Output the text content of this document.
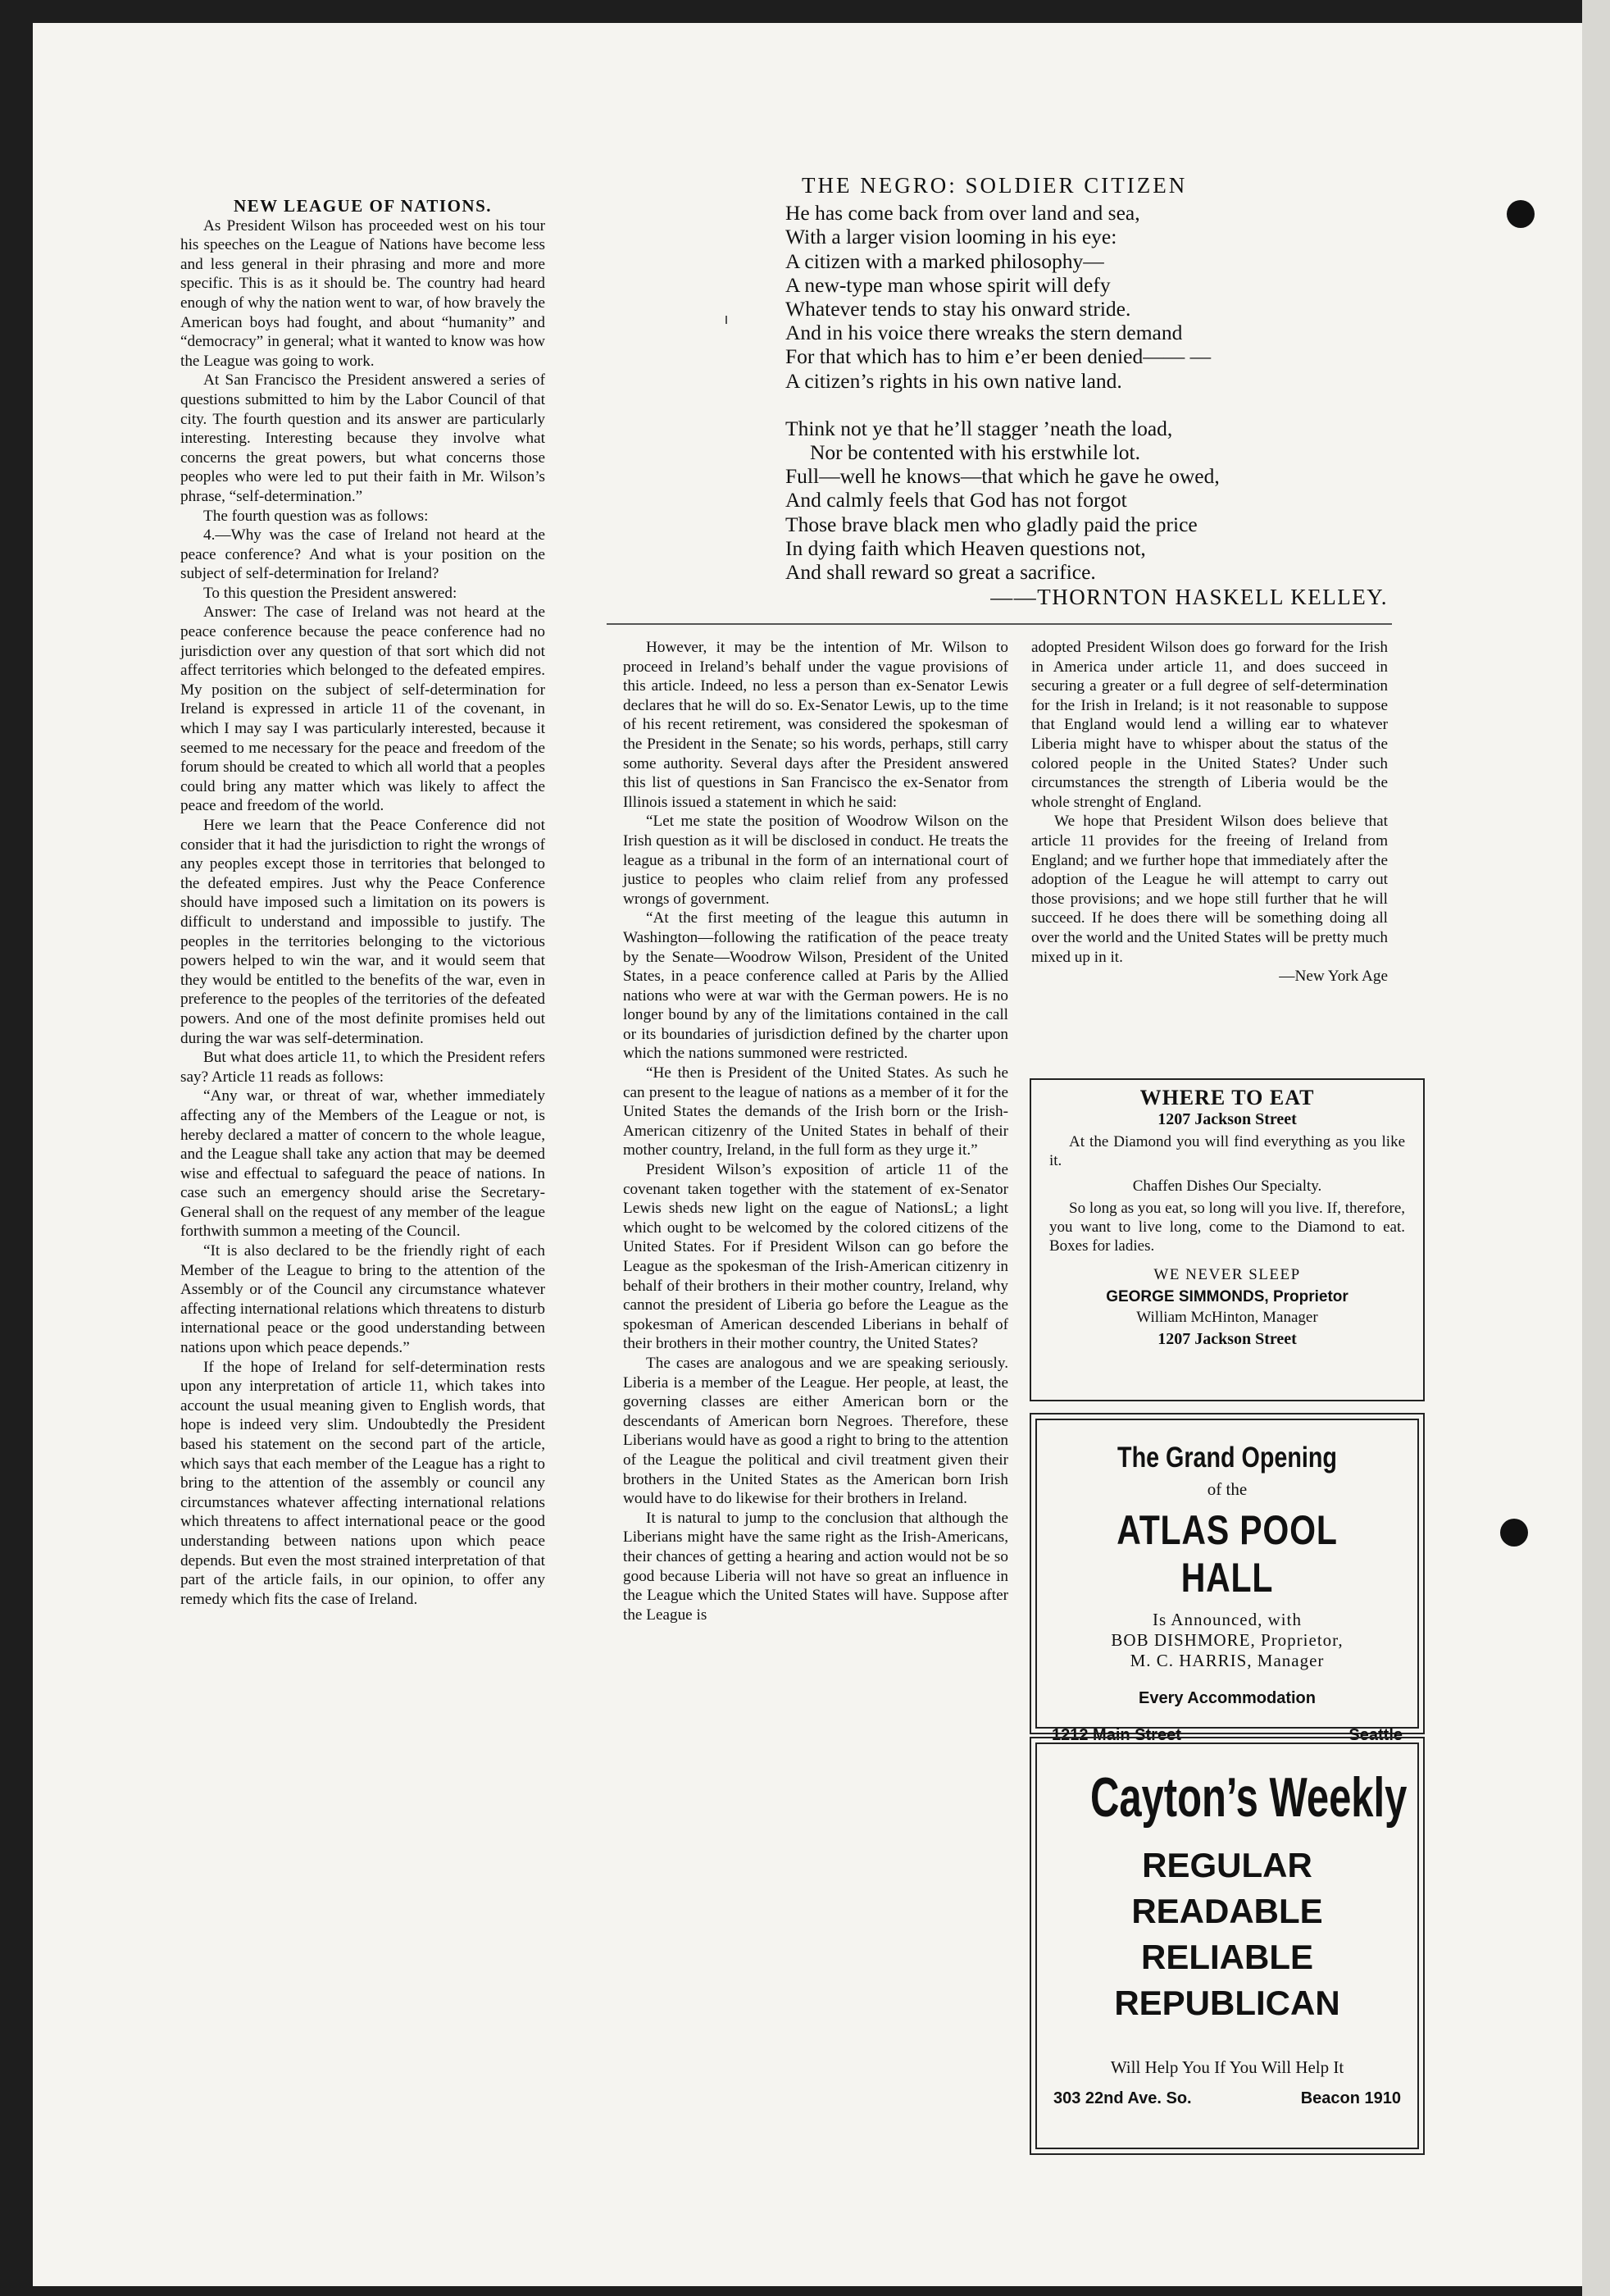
NEW LEAGUE OF NATIONS.

As President Wilson has proceeded west on his tour his speeches on the League of Nations have become less and less general in their phrasing and more and more specific. This is as it should be. The country had heard enough of why the nation went to war, of how bravely the American boys had fought, and about “humanity” and “democracy” in general; what it wanted to know was how the League was going to work.

At San Francisco the President answered a series of questions submitted to him by the Labor Council of that city. The fourth question and its answer are particularly interesting. Interesting because they involve what concerns the great powers, but what concerns those peoples who were led to put their faith in Mr. Wilson’s phrase, “self-determination.”

The fourth question was as follows:

4.—Why was the case of Ireland not heard at the peace conference? And what is your position on the subject of self-determination for Ireland?

To this question the President answered:

Answer: The case of Ireland was not heard at the peace conference because the peace conference had no jurisdiction over any question of that sort which did not affect territories which belonged to the defeated empires. My position on the subject of self-determination for Ireland is expressed in article 11 of the covenant, in which I may say I was particularly interested, because it seemed to me necessary for the peace and freedom of the forum should be created to which all world that a peoples could bring any matter which was likely to affect the peace and freedom of the world.

Here we learn that the Peace Conference did not consider that it had the jurisdiction to right the wrongs of any peoples except those in territories that belonged to the defeated empires. Just why the Peace Conference should have imposed such a limitation on its powers is difficult to understand and impossible to justify. The peoples in the territories belonging to the victorious powers helped to win the war, and it would seem that they would be entitled to the benefits of the war, even in preference to the peoples of the territories of the defeated powers. And one of the most definite promises held out during the war was self-determination.

But what does article 11, to which the President refers say? Article 11 reads as follows:

“Any war, or threat of war, whether immediately affecting any of the Members of the League or not, is hereby declared a matter of concern to the whole league, and the League shall take any action that may be deemed wise and effectual to safeguard the peace of nations. In case such an emergency should arise the Secretary-General shall on the request of any member of the league forthwith summon a meeting of the Council.

“It is also declared to be the friendly right of each Member of the League to bring to the attention of the Assembly or of the Council any circumstance whatever affecting international relations which threatens to disturb international peace or the good understanding between nations upon which peace depends.”

If the hope of Ireland for self-determination rests upon any interpretation of article 11, which takes into account the usual meaning given to English words, that hope is indeed very slim. Undoubtedly the President based his statement on the second part of the article, which says that each member of the League has a right to bring to the attention of the assembly or council any circumstances whatever affecting international relations which threatens to affect international peace or the good understanding between nations upon which peace depends. But even the most strained interpretation of that part of the article fails, in our opinion, to offer any remedy which fits the case of Ireland.

THE NEGRO: SOLDIER CITIZEN
He has come back from over land and sea,
With a larger vision looming in his eye:
A citizen with a marked philosophy—
A new-type man whose spirit will defy
Whatever tends to stay his onward stride.
And in his voice there wreaks the stern demand
For that which has to him e’er been denied—— —
A citizen’s rights in his own native land.
Think not ye that he’ll stagger ’neath the load,
Nor be contented with his erstwhile lot.
Full—well he knows—that which he gave he owed,
And calmly feels that God has not forgot
Those brave black men who gladly paid the price
In dying faith which Heaven questions not,
And shall reward so great a sacrifice.
——THORNTON HASKELL KELLEY.

However, it may be the intention of Mr. Wilson to proceed in Ireland’s behalf under the vague provisions of this article. Indeed, no less a person than ex-Senator Lewis declares that he will do so. Ex-Senator Lewis, up to the time of his recent retirement, was considered the spokesman of the President in the Senate; so his words, perhaps, still carry some authority. Several days after the President answered this list of questions in San Francisco the ex-Senator from Illinois issued a statement in which he said:

“Let me state the position of Woodrow Wilson on the Irish question as it will be disclosed in conduct. He treats the league as a tribunal in the form of an international court of justice to peoples who claim relief from any professed wrongs of government.

“At the first meeting of the league this autumn in Washington—following the ratification of the peace treaty by the Senate—Woodrow Wilson, President of the United States, in a peace conference called at Paris by the Allied nations who were at war with the German powers. He is no longer bound by any of the limitations contained in the call or its boundaries of jurisdiction defined by the charter upon which the nations summoned were restricted.

“He then is President of the United States. As such he can present to the league of nations as a member of it for the United States the demands of the Irish born or the Irish-American citizenry of the United States in behalf of their mother country, Ireland, in the full form as they urge it.”

President Wilson’s exposition of article 11 of the covenant taken together with the statement of ex-Senator Lewis sheds new light on the eague of NationsL; a light which ought to be welcomed by the colored citizens of the United States. For if President Wilson can go before the League as the spokesman of the Irish-American citizenry in behalf of their brothers in their mother country, Ireland, why cannot the president of Liberia go before the League as the spokesman of American descended Liberians in behalf of their brothers in their mother country, the United States?

The cases are analogous and we are speaking seriously. Liberia is a member of the League. Her people, at least, the governing classes are either American born or the descendants of American born Negroes. Therefore, these Liberians would have as good a right to bring to the attention of the League the political and civil treatment given their brothers in the United States as the American born Irish would have to do likewise for their brothers in Ireland.

It is natural to jump to the conclusion that although the Liberians might have the same right as the Irish-Americans, their chances of getting a hearing and action would not be so good because Liberia will not have so great an influence in the League which the United States will have. Suppose after the League is

adopted President Wilson does go forward for the Irish in America under article 11, and does succeed in securing a greater or a full degree of self-determination for the Irish in Ireland; is it not reasonable to suppose that England would lend a willing ear to whatever Liberia might have to whisper about the status of the colored people in the United States? Under such circumstances the strength of Liberia would be the whole strenght of England.

We hope that President Wilson does believe that article 11 provides for the freeing of Ireland from England; and we further hope that immediately after the adoption of the League he will attempt to carry out those provisions; and we hope still further that he will succeed. If he does there will be something doing all over the world and the United States will be pretty much mixed up in it.

—New York Age

WHERE TO EAT
1207 Jackson Street

At the Diamond you will find everything as you like it.

Chaffen Dishes Our Specialty.

So long as you eat, so long will you live. If, therefore, you want to live long, come to the Diamond to eat. Boxes for ladies.

WE NEVER SLEEP
GEORGE SIMMONDS, Proprietor
William McHinton, Manager
1207 Jackson Street
The Grand Opening
of the
ATLAS POOL HALL
Is Announced, with
BOB DISHMORE, Proprietor,
M. C. HARRIS, Manager
Every Accommodation
1212 Main Street	Seattle
Cayton’s Weekly
REGULAR
READABLE
RELIABLE
REPUBLICAN
Will Help You If You Will Help It
303 22nd Ave. So.	Beacon 1910
